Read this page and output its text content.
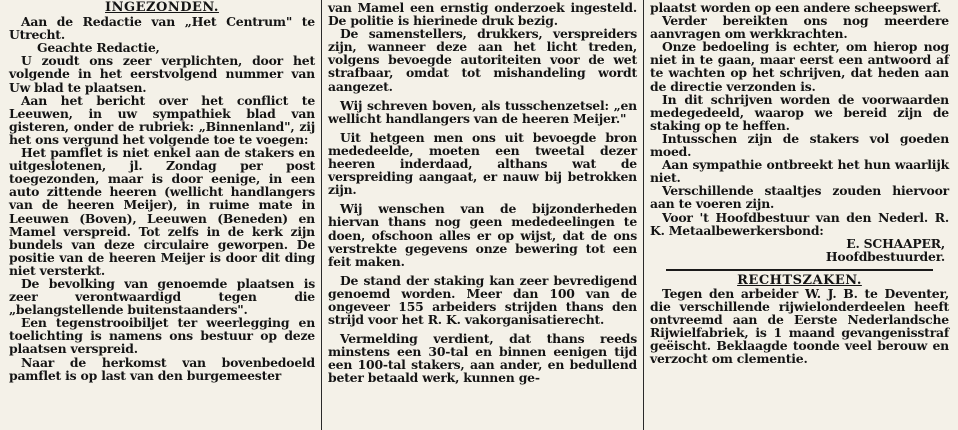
INGEZONDEN.

Aan de Redactie van „Het Centrum" te Utrecht.

Geachte Redactie,

U zoudt ons zeer verplichten, door het volgende in het eerstvolgend nummer van Uw blad te plaatsen.

Aan het bericht over het conflict te Leeuwen, in uw sympathiek blad van gisteren, onder de rubriek: „Binnenland", zij het ons vergund het volgende toe te voegen:

Het pamflet is niet enkel aan de stakers en uitgeslotenen, jl. Zondag per post toegezonden, maar is door eenige, in een auto zittende heeren (wellicht handlangers van de heeren Meijer), in ruime mate in Leeuwen (Boven), Leeuwen (Beneden) en Mamel verspreid. Tot zelfs in de kerk zijn bundels van deze circulaire geworpen. De positie van de heeren Meijer is door dit ding niet versterkt.

De bevolking van genoemde plaatsen is zeer verontwaardigd tegen die „belangstellende buitenstaanders".

Een tegenstrooibiljet ter weerlegging en toelichting is namens ons bestuur op deze plaatsen verspreid.

Naar de herkomst van bovenbedoeld pamflet is op last van den burgemeester

van Mamel een ernstig onderzoek ingesteld. De politie is hierinede druk bezig.

De samenstellers, drukkers, verspreiders zijn, wanneer deze aan het licht treden, volgens bevoegde autoriteiten voor de wet strafbaar, omdat tot mishandeling wordt aangezet.

Wij schreven boven, als tusschenzetsel: „en wellicht handlangers van de heeren Meijer."

Uit hetgeen men ons uit bevoegde bron mededeelde, moeten een tweetal dezer heeren inderdaad, althans wat de verspreiding aangaat, er nauw bij betrokken zijn.

Wij wenschen van de bijzonderheden hiervan thans nog geen mededeelingen te doen, ofschoon alles er op wijst, dat de ons verstrekte gegevens onze bewering tot een feit maken.

De stand der staking kan zeer bevredigend genoemd worden. Meer dan 100 van de ongeveer 155 arbeiders strijden thans den strijd voor het R. K. vakorganisatierecht.

Vermelding verdient, dat thans reeds minstens een 30-tal en binnen eenigen tijd een 100-tal stakers, aan ander, en bedullend beter betaald werk, kunnen ge-

plaatst worden op een andere scheepswerf.

Verder bereikten ons nog meerdere aanvragen om werkkrachten.

Onze bedoeling is echter, om hierop nog niet in te gaan, maar eerst een antwoord af te wachten op het schrijven, dat heden aan de directie verzonden is.

In dit schrijven worden de voorwaarden medegedeeld, waarop we bereid zijn de staking op te heffen.

Intusschen zijn de stakers vol goeden moed.

Aan sympathie ontbreekt het hun waarlijk niet.

Verschillende staaltjes zouden hiervoor aan te voeren zijn.

Voor 't Hoofdbestuur van den Nederl. R. K. Metaalbewerkersbond:

E. SCHAAPER,

Hoofdbestuurder.

RECHTSZAKEN.

Tegen den arbeider W. J. B. te Deventer, die verschillende rijwielonderdeelen heeft ontvreemd aan de Eerste Nederlandsche Rijwielfabriek, is 1 maand gevangenisstraf geëischt. Beklaagde toonde veel berouw en verzocht om clementie.
